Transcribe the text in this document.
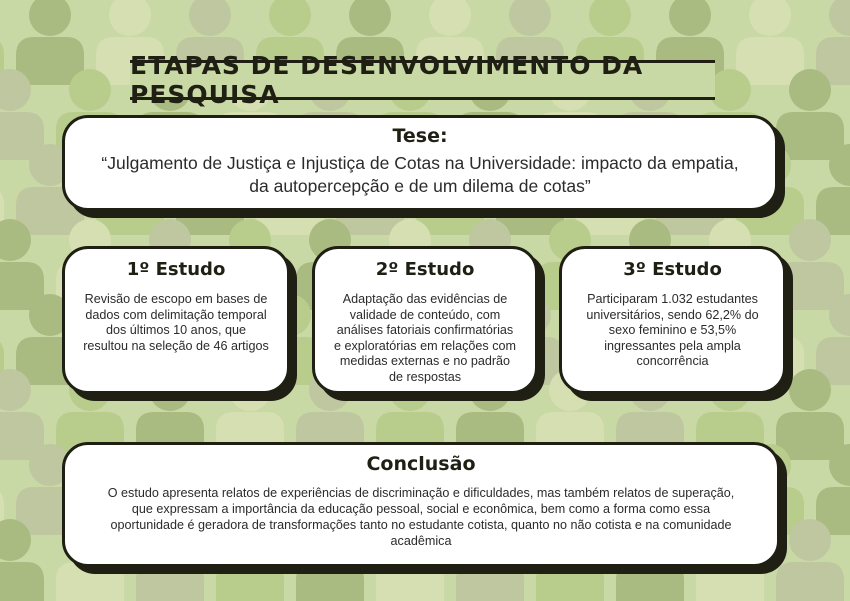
ETAPAS DE DESENVOLVIMENTO DA PESQUISA
Tese:
“Julgamento de Justiça e Injustiça de Cotas na Universidade: impacto da empatia, da autopercepção e de um dilema de cotas”
1º Estudo
Revisão de escopo em bases de dados com delimitação temporal dos últimos 10 anos, que resultou na seleção de 46 artigos
2º Estudo
Adaptação das evidências de validade de conteúdo, com análises fatoriais confirmatórias e exploratórias em relações com medidas externas e no padrão de respostas
3º Estudo
Participaram 1.032 estudantes universitários, sendo 62,2% do sexo feminino e 53,5% ingressantes pela ampla concorrência
Conclusão
O estudo apresenta relatos de experiências de discriminação e dificuldades, mas também relatos de superação, que expressam a importância da educação pessoal, social e econômica, bem como a forma como essa oportunidade é geradora de transformações tanto no estudante cotista, quanto no não cotista e na comunidade acadêmica
